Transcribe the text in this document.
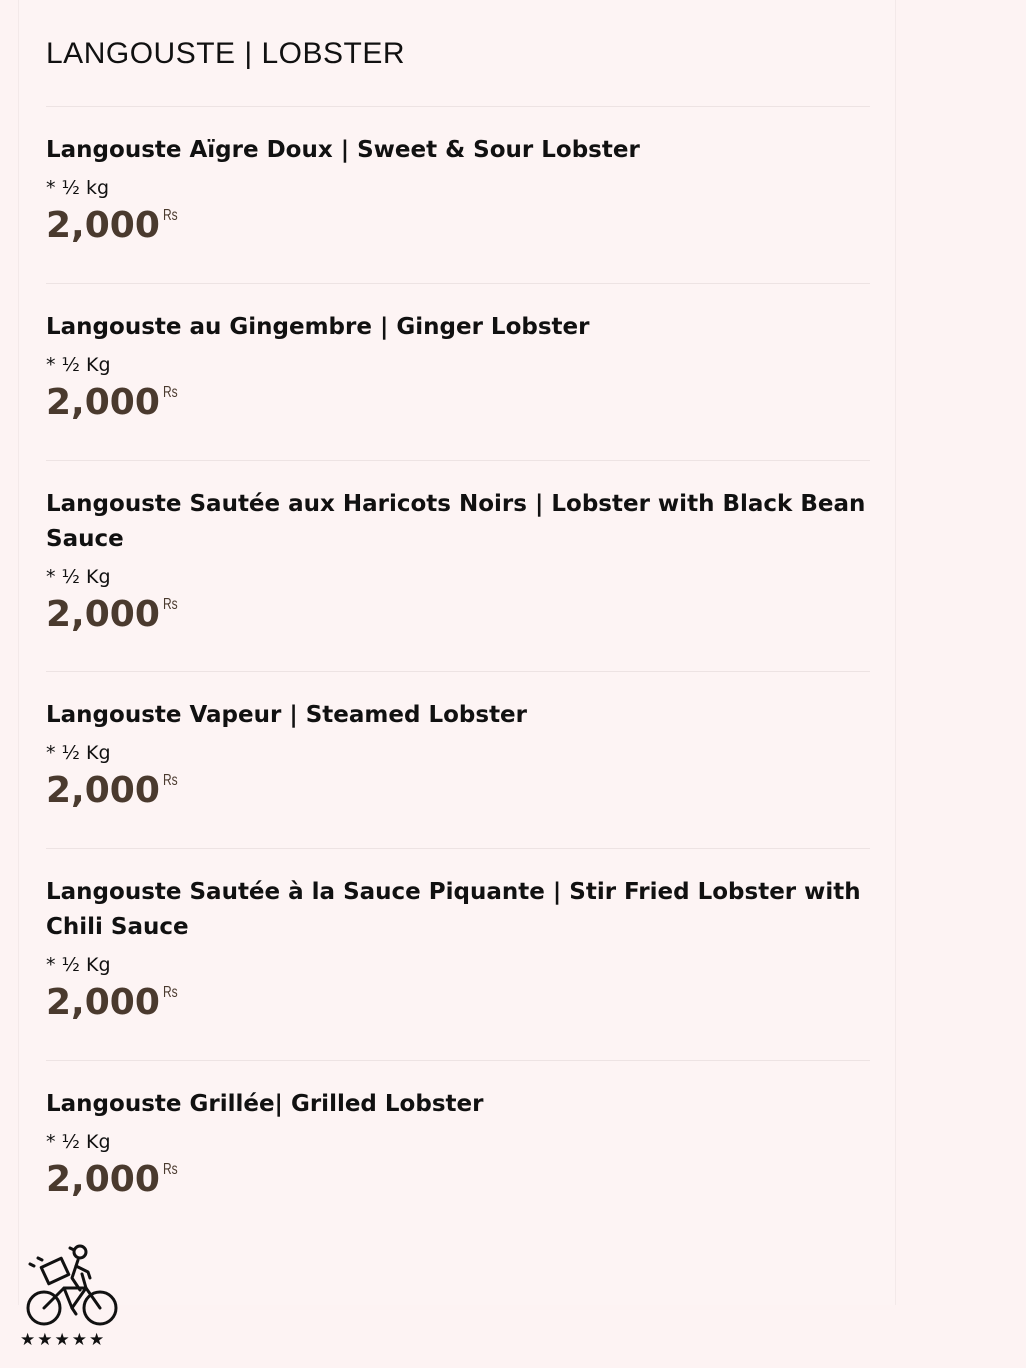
LANGOUSTE | LOBSTER

Langouste Aïgre Doux | Sweet & Sour Lobster

* ½ kg

2,000 Rs

Langouste au Gingembre | Ginger Lobster

* ½ Kg

2,000 Rs

Langouste Sautée aux Haricots Noirs | Lobster with Black Bean Sauce

* ½ Kg

2,000 Rs

Langouste Vapeur | Steamed Lobster

* ½ Kg

2,000 Rs

Langouste Sautée à la Sauce Piquante | Stir Fried Lobster with Chili Sauce

* ½ Kg

2,000 Rs

Langouste Grillée| Grilled Lobster

* ½ Kg

2,000 Rs
★ ★ ★ ★ ★
